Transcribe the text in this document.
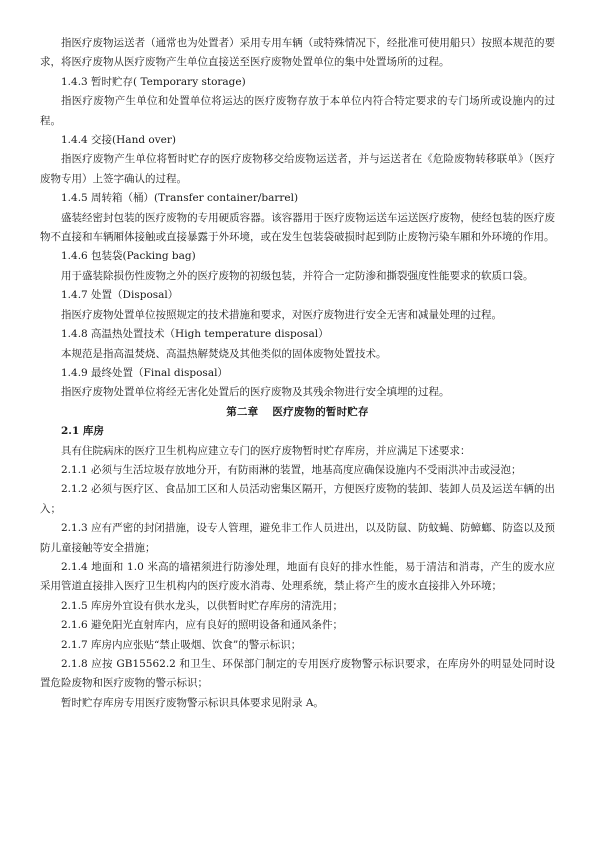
指医疗废物运送者（通常也为处置者）采用专用车辆（或特殊情况下，经批准可使用船只）按照本规范的要求，将医疗废物从医疗废物产生单位直接送至医疗废物处置单位的集中处置场所的过程。

1.4.3 暂时贮存( Temporary storage)

指医疗废物产生单位和处置单位将运达的医疗废物存放于本单位内符合特定要求的专门场所或设施内的过程。

1.4.4 交接(Hand over)

指医疗废物产生单位将暂时贮存的医疗废物移交给废物运送者，并与运送者在《危险废物转移联单》（医疗废物专用）上签字确认的过程。

1.4.5 周转箱（桶）(Transfer container/barrel)

盛装经密封包装的医疗废物的专用硬质容器。该容器用于医疗废物运送车运送医疗废物，使经包装的医疗废物不直接和车辆厢体接触或直接暴露于外环境，或在发生包装袋破损时起到防止废物污染车厢和外环境的作用。

1.4.6 包装袋(Packing bag)

用于盛装除损伤性废物之外的医疗废物的初级包装，并符合一定防渗和撕裂强度性能要求的软质口袋。

1.4.7 处置（Disposal）

指医疗废物处置单位按照规定的技术措施和要求，对医疗废物进行安全无害和减量处理的过程。

1.4.8 高温热处置技术（High temperature disposal）

本规范是指高温焚烧、高温热解焚烧及其他类似的固体废物处置技术。

1.4.9 最终处置（Final disposal）

指医疗废物处置单位将经无害化处置后的医疗废物及其残余物进行安全填埋的过程。

第二章 医疗废物的暂时贮存

2.1 库房

具有住院病床的医疗卫生机构应建立专门的医疗废物暂时贮存库房，并应满足下述要求：

2.1.1 必须与生活垃圾存放地分开，有防雨淋的装置，地基高度应确保设施内不受雨洪冲击或浸泡；

2.1.2 必须与医疗区、食品加工区和人员活动密集区隔开，方便医疗废物的装卸、装卸人员及运送车辆的出入；

2.1.3 应有严密的封闭措施，设专人管理，避免非工作人员进出，以及防鼠、防蚊蝇、防蟑螂、防盗以及预防儿童接触等安全措施；

2.1.4 地面和 1.0 米高的墙裙须进行防渗处理，地面有良好的排水性能，易于清洁和消毒，产生的废水应采用管道直接排入医疗卫生机构内的医疗废水消毒、处理系统，禁止将产生的废水直接排入外环境；

2.1.5 库房外宜设有供水龙头，以供暂时贮存库房的清洗用；

2.1.6 避免阳光直射库内，应有良好的照明设备和通风条件；

2.1.7 库房内应张贴“禁止吸烟、饮食”的警示标识；

2.1.8 应按 GB15562.2 和卫生、环保部门制定的专用医疗废物警示标识要求，在库房外的明显处同时设置危险废物和医疗废物的警示标识；

暂时贮存库房专用医疗废物警示标识具体要求见附录 A。
